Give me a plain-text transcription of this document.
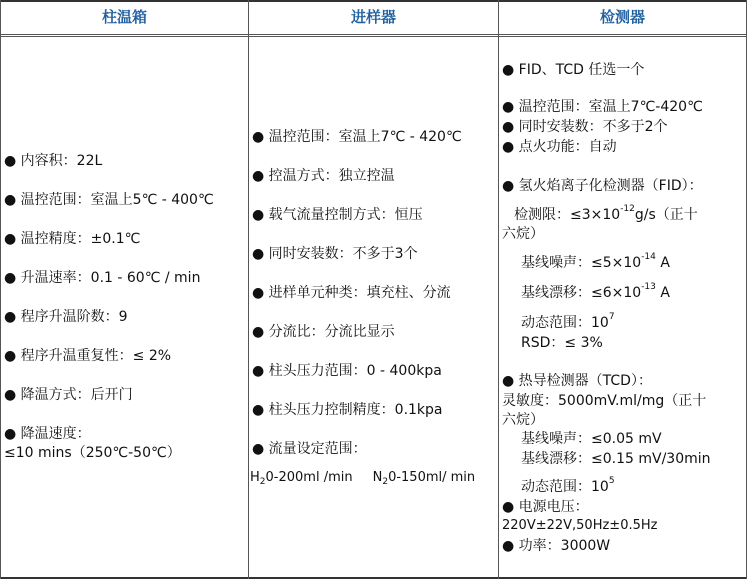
柱温箱	进样器	检测器
● 内容积：22L
● 温控范围：室温上5℃ - 400℃
● 温控精度：±0.1℃
● 升温速率：0.1 - 60℃ / min
● 程序升温阶数：9
● 程序升温重复性：≤ 2%
● 降温方式：后开门
● 降温速度：
≤10 mins（250℃-50℃）
● 温控范围：室温上7℃ - 420℃
● 控温方式：独立控温
● 载气流量控制方式：恒压
● 同时安装数：不多于3个
● 进样单元种类：填充柱、分流
● 分流比：分流比显示
● 柱头压力范围：0 - 400kpa
● 柱头压力控制精度：0.1kpa
● 流量设定范围：
$H_20-200ml$ /min $N_20-150ml/$ min
● FID、TCD 任选一个
● 温控范围：室温上7℃-420℃
● 同时安装数：不多于2个
● 点火功能：自动
● 氢火焰离子化检测器（FID）：
检测限：$\le 3\times 10^{-12}g/s$（正十
六烷）
基线噪声：$\le 5\times 10^{-14}$ A
基线漂移：$\le 6\times 10^{-13}$ A
动态范围：$10^7$
RSD：≤ 3%
● 热导检测器（TCD）：
灵敏度：5000mV.ml/mg（正十
六烷）
基线噪声：≤0.05 mV
基线漂移：≤0.15 mV/30min
动态范围：$10^5$
● 电源电压：
220V±22V,50Hz±0.5Hz
● 功率：3000W
